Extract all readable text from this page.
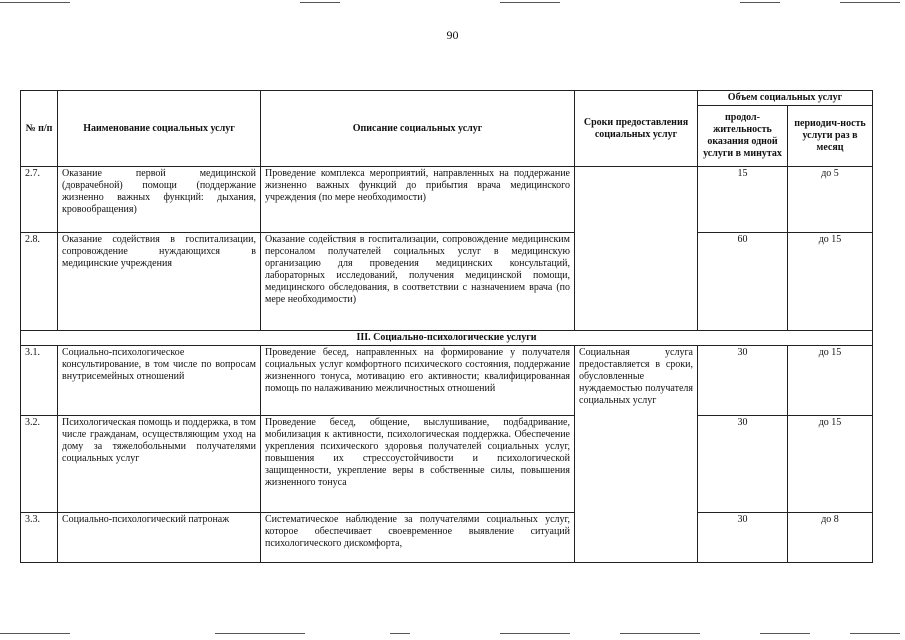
90
№ п/п	Наименование социальных услуг	Описание социальных услуг	Сроки предоставления социальных услуг	Объем социальных услуг	
				продол-жительность оказания одной услуги в минутах	периодич-ность услуги раз в месяц
2.7.	Оказание первой медицинской (доврачебной) помощи (поддержание жизненно важных функций: дыхания, кровообращения)	Проведение комплекса мероприятий, направленных на поддержание жизненно важных функций до прибытия врача медицинского учреждения (по мере необходимости)		15	до 5
2.8.	Оказание содействия в госпитализации, сопровождение нуждающихся в медицинские учреждения	Оказание содействия в госпитализации, сопровождение медицинским персоналом получателей социальных услуг в медицинскую организацию для проведения медицинских консультаций, лабораторных исследований, получения медицинской помощи, медицинского обследования, в соответствии с назначением врача (по мере необходимости)		60	до 15
III. Социально-психологические услуги					
3.1.	Социально-психологическое консультирование, в том числе по вопросам внутрисемейных отношений	Проведение бесед, направленных на формирование у получателя социальных услуг комфортного психического состояния, поддержание жизненного тонуса, мотивацию его активности; квалифицированная помощь по налаживанию межличностных отношений	Социальная услуга предоставляется в сроки, обусловленные нуждаемостью получателя социальных услуг	30	до 15
3.2.	Психологическая помощь и поддержка, в том числе гражданам, осуществляющим уход на дому за тяжелобольными получателями социальных услуг	Проведение бесед, общение, выслушивание, подбадривание, мобилизация к активности, психологическая поддержка. Обеспечение укрепления психического здоровья получателей социальных услуг, повышения их стрессоустойчивости и психологической защищенности, укрепление веры в собственные силы, повышения жизненного тонуса		30	до 15
3.3.	Социально-психологический патронаж	Систематическое наблюдение за получателями социальных услуг, которое обеспечивает своевременное выявление ситуаций психологического дискомфорта,		30	до 8
